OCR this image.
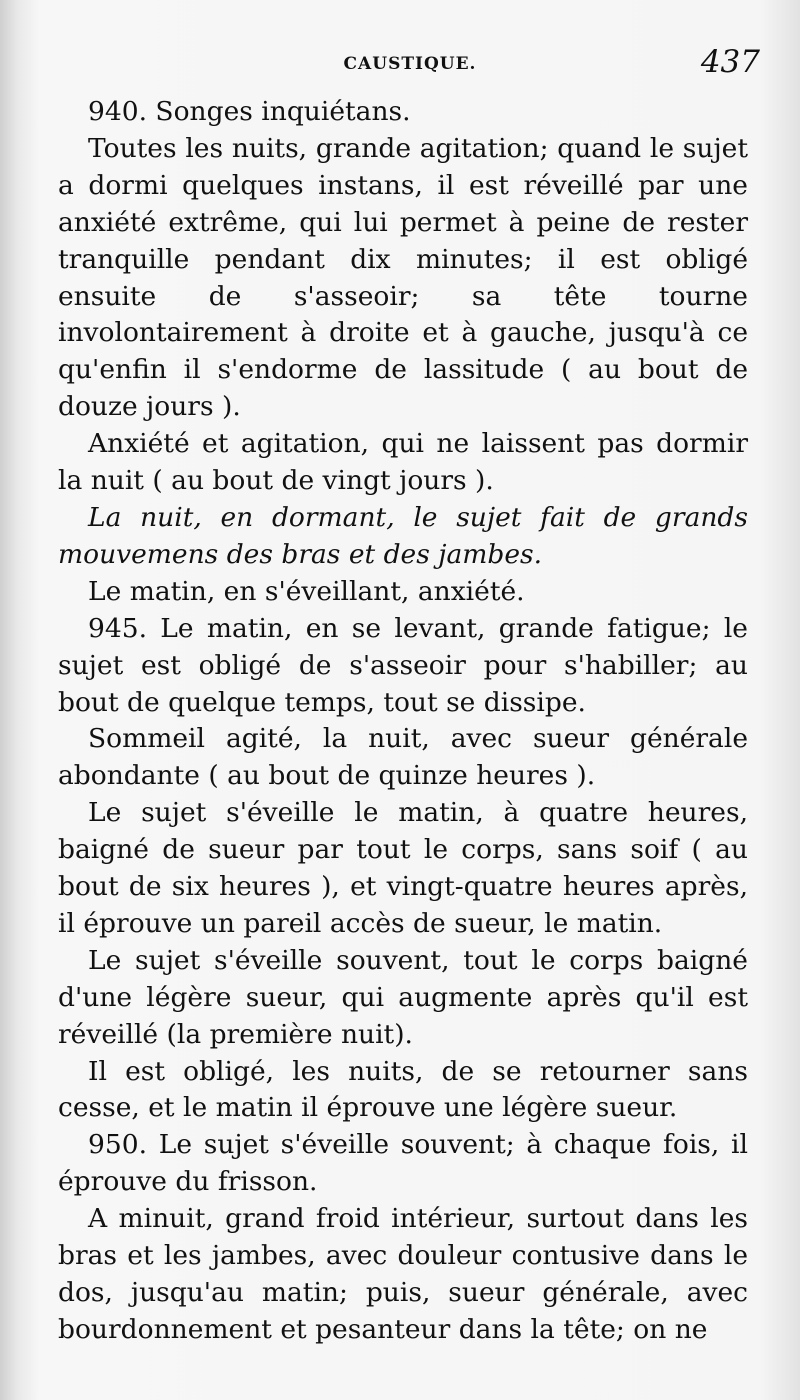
CAUSTIQUE.	437

940. Songes inquiétans.

Toutes les nuits, grande agitation; quand le sujet a dormi quelques instans, il est réveillé par une anxiété extrême, qui lui permet à peine de rester tranquille pendant dix minutes; il est obligé ensuite de s'asseoir; sa tête tourne involontairement à droite et à gauche, jusqu'à ce qu'enfin il s'endorme de lassitude ( au bout de douze jours ).

Anxiété et agitation, qui ne laissent pas dormir la nuit ( au bout de vingt jours ).

La nuit, en dormant, le sujet fait de grands mouvemens des bras et des jambes.

Le matin, en s'éveillant, anxiété.

945. Le matin, en se levant, grande fatigue; le sujet est obligé de s'asseoir pour s'habiller; au bout de quelque temps, tout se dissipe.

Sommeil agité, la nuit, avec sueur générale abondante ( au bout de quinze heures ).

Le sujet s'éveille le matin, à quatre heures, baigné de sueur par tout le corps, sans soif ( au bout de six heures ), et vingt-quatre heures après, il éprouve un pareil accès de sueur, le matin.

Le sujet s'éveille souvent, tout le corps baigné d'une légère sueur, qui augmente après qu'il est réveillé (la première nuit).

Il est obligé, les nuits, de se retourner sans cesse, et le matin il éprouve une légère sueur.

950. Le sujet s'éveille souvent; à chaque fois, il éprouve du frisson.

A minuit, grand froid intérieur, surtout dans les bras et les jambes, avec douleur contusive dans le dos, jusqu'au matin; puis, sueur générale, avec bourdonnement et pesanteur dans la tête; on ne
